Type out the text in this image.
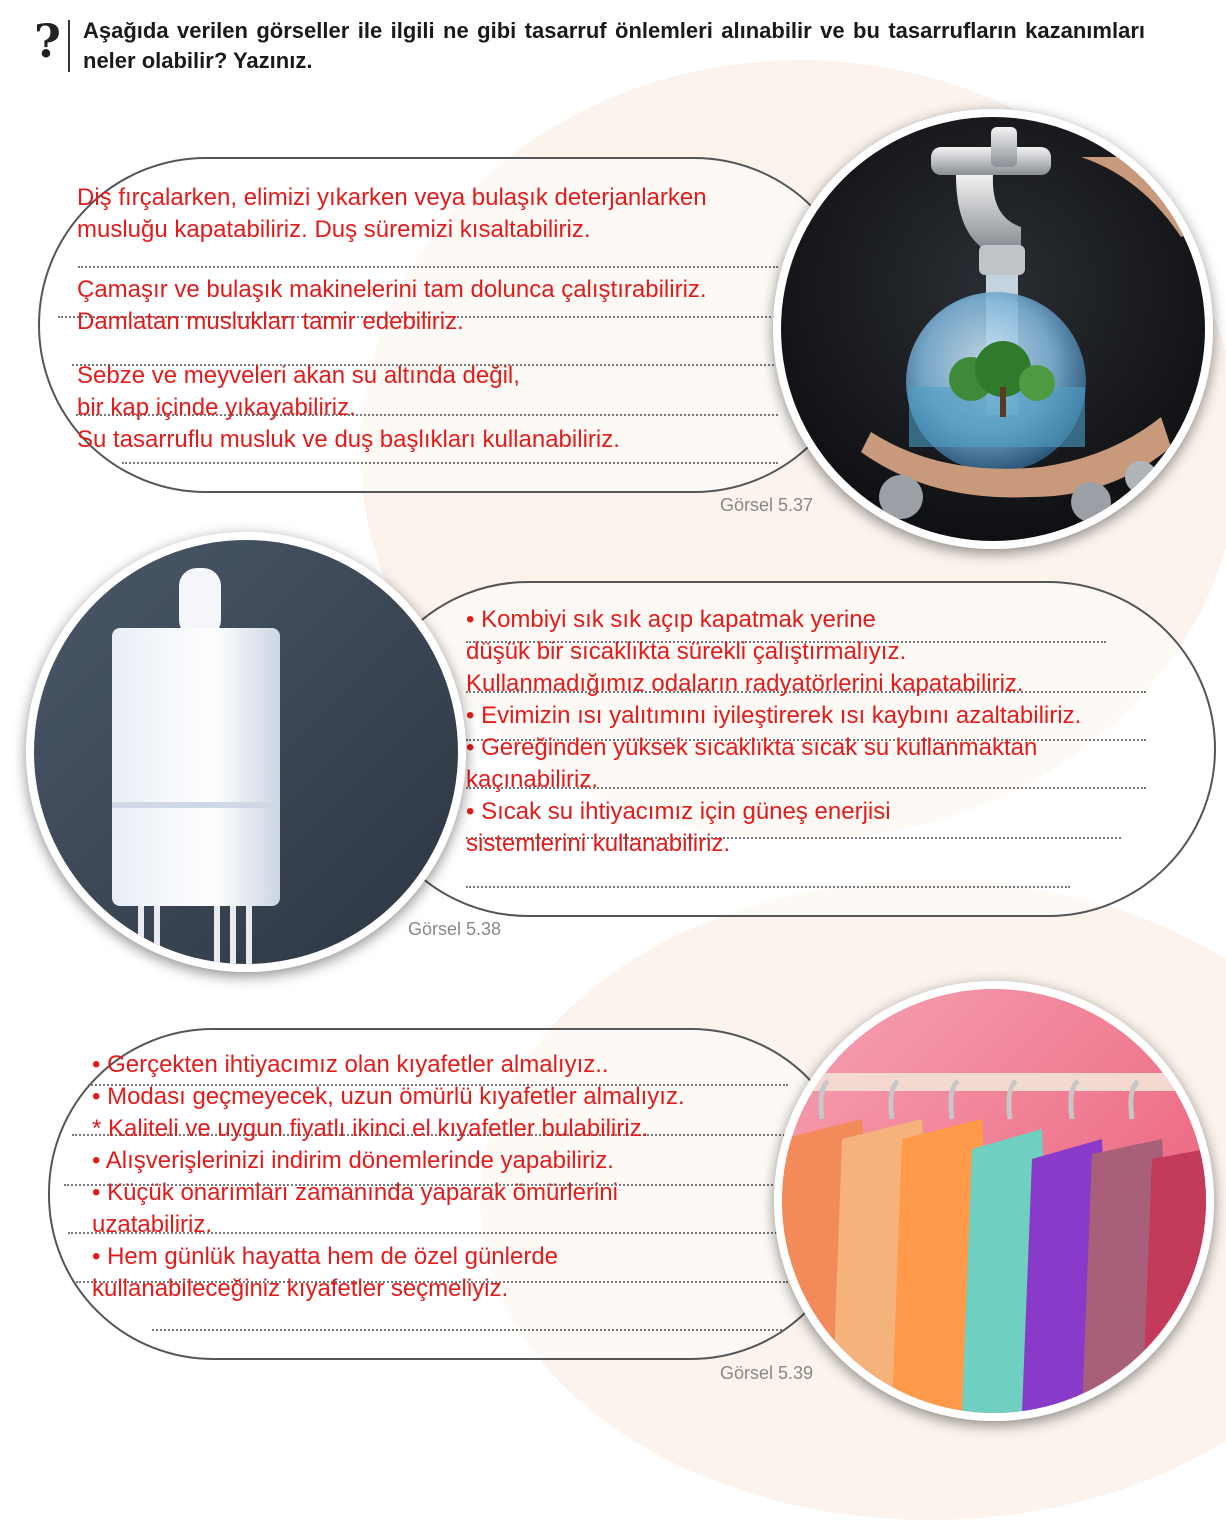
? Aşağıda verilen görseller ile ilgili ne gibi tasarruf önlemleri alınabilir ve bu tasarrufların kazanımları neler olabilir? Yazınız.

Diş fırçalarken, elimizi yıkarken veya bulaşık deterjanlarken
musluğu kapatabiliriz. Duş süremizi kısaltabiliriz.
Çamaşır ve bulaşık makinelerini tam dolunca çalıştırabiliriz.
Damlatan muslukları tamir edebiliriz.
Sebze ve meyveleri akan su altında değil,
bir kap içinde yıkayabiliriz.
Su tasarruflu musluk ve duş başlıkları kullanabiliriz.
Görsel 5.37
• Kombiyi sık sık açıp kapatmak yerine
düşük bir sıcaklıkta sürekli çalıştırmalıyız.
Kullanmadığımız odaların radyatörlerini kapatabiliriz.
• Evimizin ısı yalıtımını iyileştirerek ısı kaybını azaltabiliriz.
• Gereğinden yüksek sıcaklıkta sıcak su kullanmaktan
kaçınabiliriz.
• Sıcak su ihtiyacımız için güneş enerjisi
sistemlerini kullanabiliriz.
Görsel 5.38
• Gerçekten ihtiyacımız olan kıyafetler almalıyız..
• Modası geçmeyecek, uzun ömürlü kıyafetler almalıyız.
* Kaliteli ve uygun fiyatlı ikinci el kıyafetler bulabiliriz.
• Alışverişlerinizi indirim dönemlerinde yapabiliriz.
• Küçük onarımları zamanında yaparak ömürlerini
uzatabiliriz.
• Hem günlük hayatta hem de özel günlerde
kullanabileceğiniz kıyafetler seçmeliyiz.
Görsel 5.39
